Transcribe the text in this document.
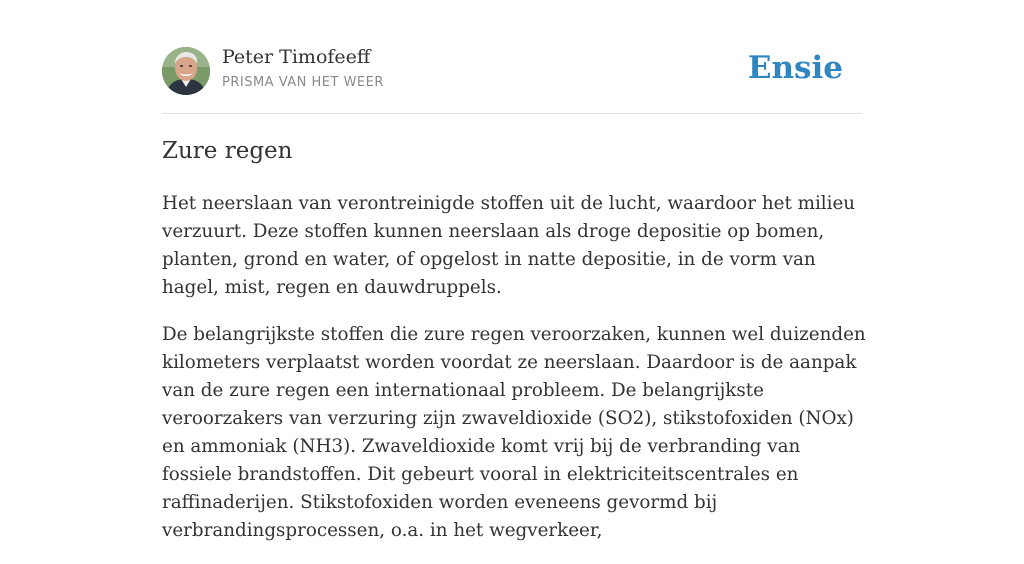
Peter Timofeeff
PRISMA VAN HET WEER	Ensie
Zure regen

Het neerslaan van verontreinigde stoffen uit de lucht, waardoor het milieu verzuurt. Deze stoffen kunnen neerslaan als droge depositie op bomen, planten, grond en water, of opgelost in natte depositie, in de vorm van hagel, mist, regen en dauwdruppels.

De belangrijkste stoffen die zure regen veroorzaken, kunnen wel duizenden kilometers verplaatst worden voordat ze neerslaan. Daardoor is de aanpak van de zure regen een internationaal probleem. De belangrijkste veroorzakers van verzuring zijn zwaveldioxide (SO2), stikstofoxiden (NOx) en ammoniak (NH3). Zwaveldioxide komt vrij bij de verbranding van fossiele brandstoffen. Dit gebeurt vooral in elektriciteitscentrales en raffinaderijen. Stikstofoxiden worden eveneens gevormd bij verbrandingsprocessen, o.a. in het wegverkeer,
